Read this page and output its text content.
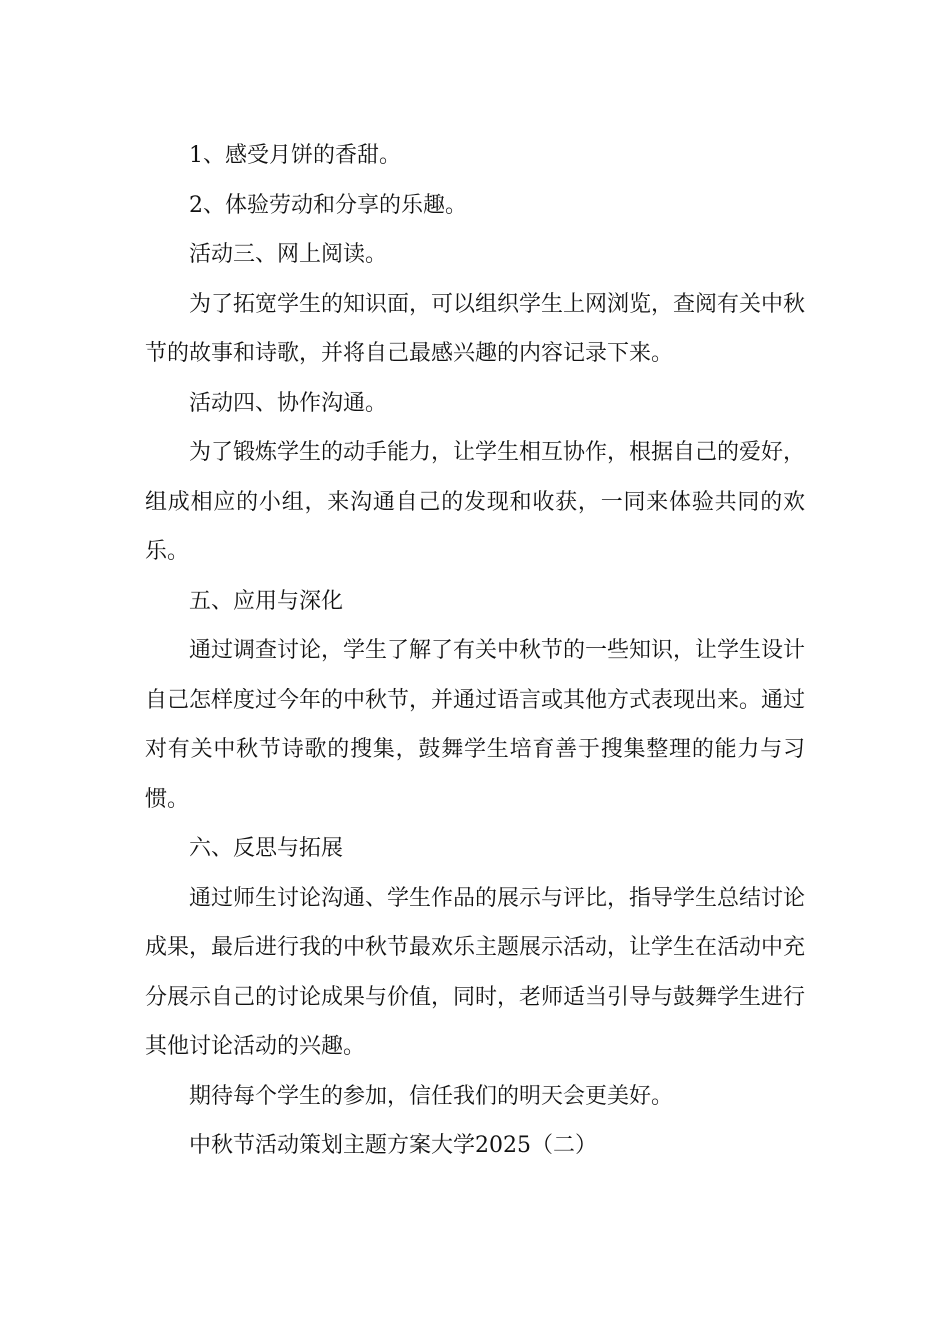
1、感受月饼的香甜。

2、体验劳动和分享的乐趣。

活动三、网上阅读。

为了拓宽学生的知识面，可以组织学生上网浏览，查阅有关中秋节的故事和诗歌，并将自己最感兴趣的内容记录下来。

活动四、协作沟通。

为了锻炼学生的动手能力，让学生相互协作，根据自己的爱好，组成相应的小组，来沟通自己的发现和收获，一同来体验共同的欢乐。

五、应用与深化

通过调查讨论，学生了解了有关中秋节的一些知识，让学生设计自己怎样度过今年的中秋节，并通过语言或其他方式表现出来。通过对有关中秋节诗歌的搜集，鼓舞学生培育善于搜集整理的能力与习惯。

六、反思与拓展

通过师生讨论沟通、学生作品的展示与评比，指导学生总结讨论成果，最后进行我的中秋节最欢乐主题展示活动，让学生在活动中充分展示自己的讨论成果与价值，同时，老师适当引导与鼓舞学生进行其他讨论活动的兴趣。

期待每个学生的参加，信任我们的明天会更美好。

中秋节活动策划主题方案大学2025（二）
